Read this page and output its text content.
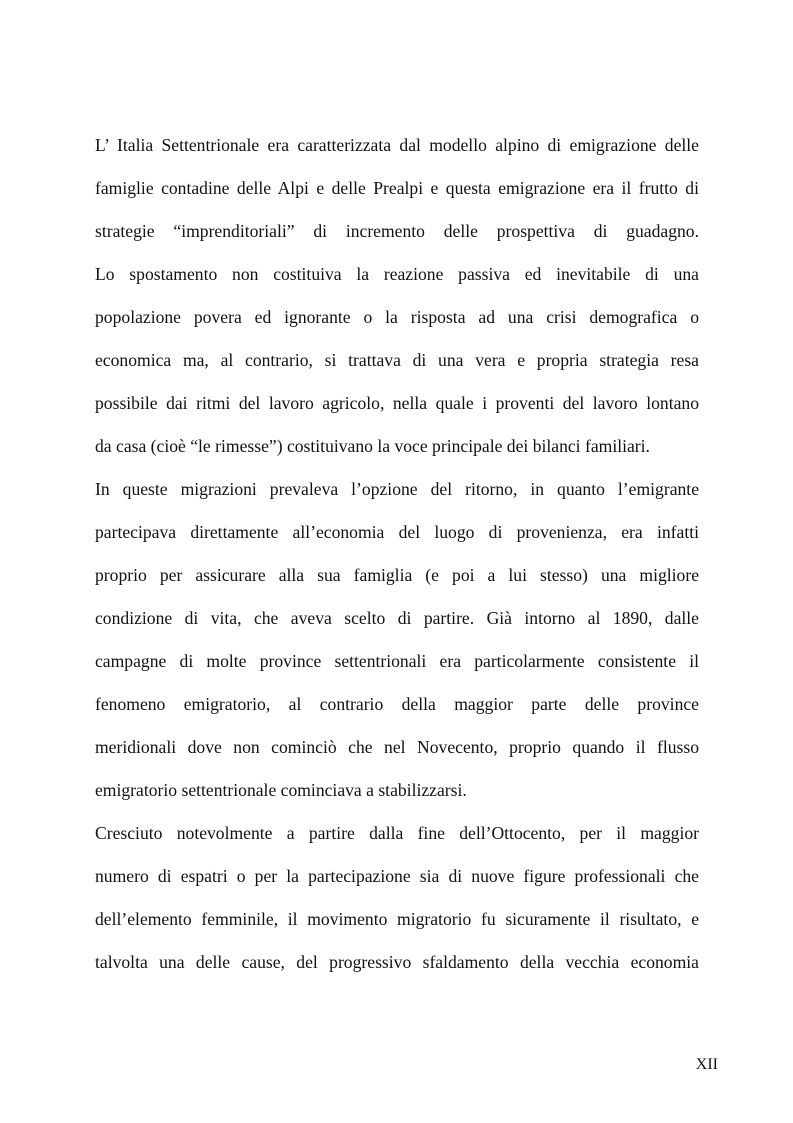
L’ Italia Settentrionale era caratterizzata dal modello alpino di emigrazione delle
famiglie contadine delle Alpi e delle Prealpi e questa emigrazione era il frutto di
strategie “imprenditoriali” di incremento delle prospettiva di guadagno.
Lo spostamento non costituiva la reazione passiva ed inevitabile di una
popolazione povera ed ignorante o la risposta ad una crisi demografica o
economica ma, al contrario, si trattava di una vera e propria strategia resa
possibile dai ritmi del lavoro agricolo, nella quale i proventi del lavoro lontano
da casa (cioè “le rimesse”) costituivano la voce principale dei bilanci familiari.

In queste migrazioni prevaleva l’opzione del ritorno, in quanto l’emigrante
partecipava direttamente all’economia del luogo di provenienza, era infatti
proprio per assicurare alla sua famiglia (e poi a lui stesso) una migliore
condizione di vita, che aveva scelto di partire. Già intorno al 1890, dalle
campagne di molte province settentrionali era particolarmente consistente il
fenomeno emigratorio, al contrario della maggior parte delle province
meridionali dove non cominciò che nel Novecento, proprio quando il flusso
emigratorio settentrionale cominciava a stabilizzarsi.

Cresciuto notevolmente a partire dalla fine dell’Ottocento, per il maggior
numero di espatri o per la partecipazione sia di nuove figure professionali che
dell’elemento femminile, il movimento migratorio fu sicuramente il risultato, e
talvolta una delle cause, del progressivo sfaldamento della vecchia economia

XII
